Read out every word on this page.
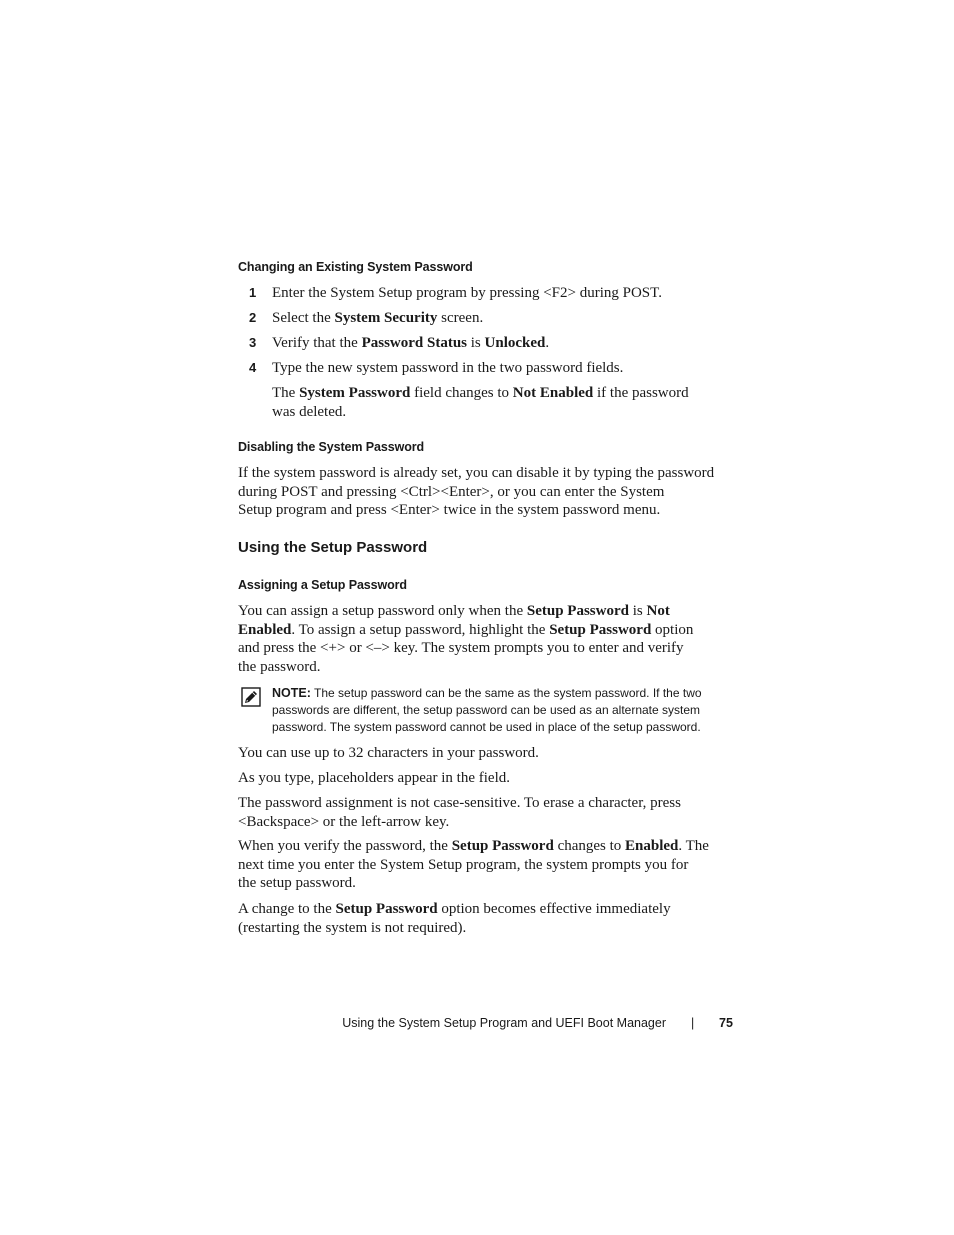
Changing an Existing System Password
1 Enter the System Setup program by pressing <F2> during POST.
2 Select the System Security screen.
3 Verify that the Password Status is Unlocked.
4 Type the new system password in the two password fields.
The System Password field changes to Not Enabled if the password
was deleted.
Disabling the System Password
If the system password is already set, you can disable it by typing the password
during POST and pressing <Ctrl><Enter>, or you can enter the System
Setup program and press <Enter> twice in the system password menu.
Using the Setup Password
Assigning a Setup Password
You can assign a setup password only when the Setup Password is Not
Enabled. To assign a setup password, highlight the Setup Password option
and press the <+> or <–> key. The system prompts you to enter and verify
the password.
NOTE: The setup password can be the same as the system password. If the two
passwords are different, the setup password can be used as an alternate system
password. The system password cannot be used in place of the setup password.
You can use up to 32 characters in your password.
As you type, placeholders appear in the field.
The password assignment is not case-sensitive. To erase a character, press
<Backspace> or the left-arrow key.
When you verify the password, the Setup Password changes to Enabled. The
next time you enter the System Setup program, the system prompts you for
the setup password.
A change to the Setup Password option becomes effective immediately
(restarting the system is not required).
Using the System Setup Program and UEFI Boot Manager | 75
